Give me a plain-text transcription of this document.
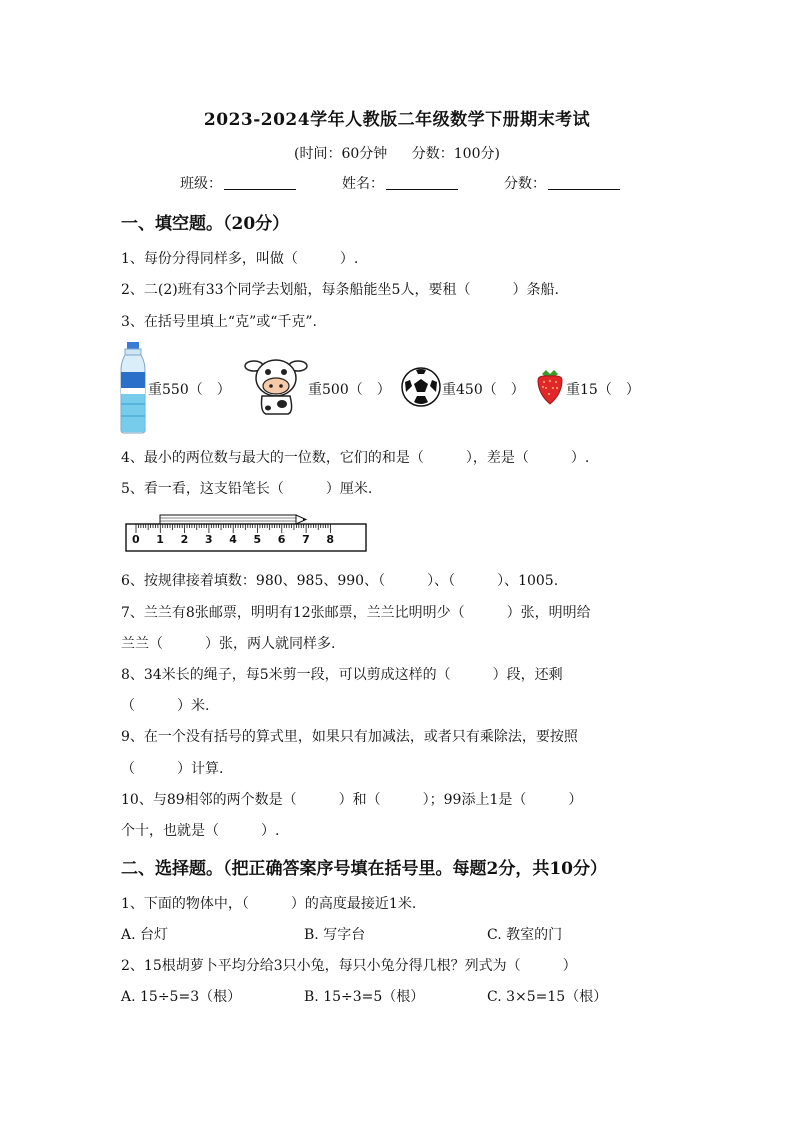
2023-2024学年人教版二年级数学下册期末考试
(时间：60分钟 分数：100分)
班级：	姓名：	分数：
一、填空题。（20分）
1、每份分得同样多，叫做（　　　）.
2、二(2)班有33个同学去划船，每条船能坐5人，要租（　　　）条船.
3、在括号里填上“克”或“千克”.
重550（　）	重500（　）	重450（　）	重15（　）
4、最小的两位数与最大的一位数，它们的和是（　　　），差是（　　　）.
5、看一看，这支铅笔长（　　　）厘米.
0 1 2 3 4 5 6 7 8
6、按规律接着填数：980、985、990、（　　　）、（　　　）、1005.
7、兰兰有8张邮票，明明有12张邮票，兰兰比明明少（　　　）张，明明给
兰兰（　　　）张，两人就同样多.
8、34米长的绳子，每5米剪一段，可以剪成这样的（　　　）段，还剩
（　　　）米.
9、在一个没有括号的算式里，如果只有加减法，或者只有乘除法，要按照
（　　　）计算.
10、与89相邻的两个数是（　　　）和（　　　）；99添上1是（　　　）
个十，也就是（　　　）.
二、选择题。（把正确答案序号填在括号里。每题2分，共10分）
1、下面的物体中，（　　　）的高度最接近1米.
A. 台灯	B. 写字台	C. 教室的门
2、15根胡萝卜平均分给3只小兔，每只小兔分得几根？列式为（　　　）
A. 15÷5=3（根）	B. 15÷3=5（根）	C. 3×5=15（根）
